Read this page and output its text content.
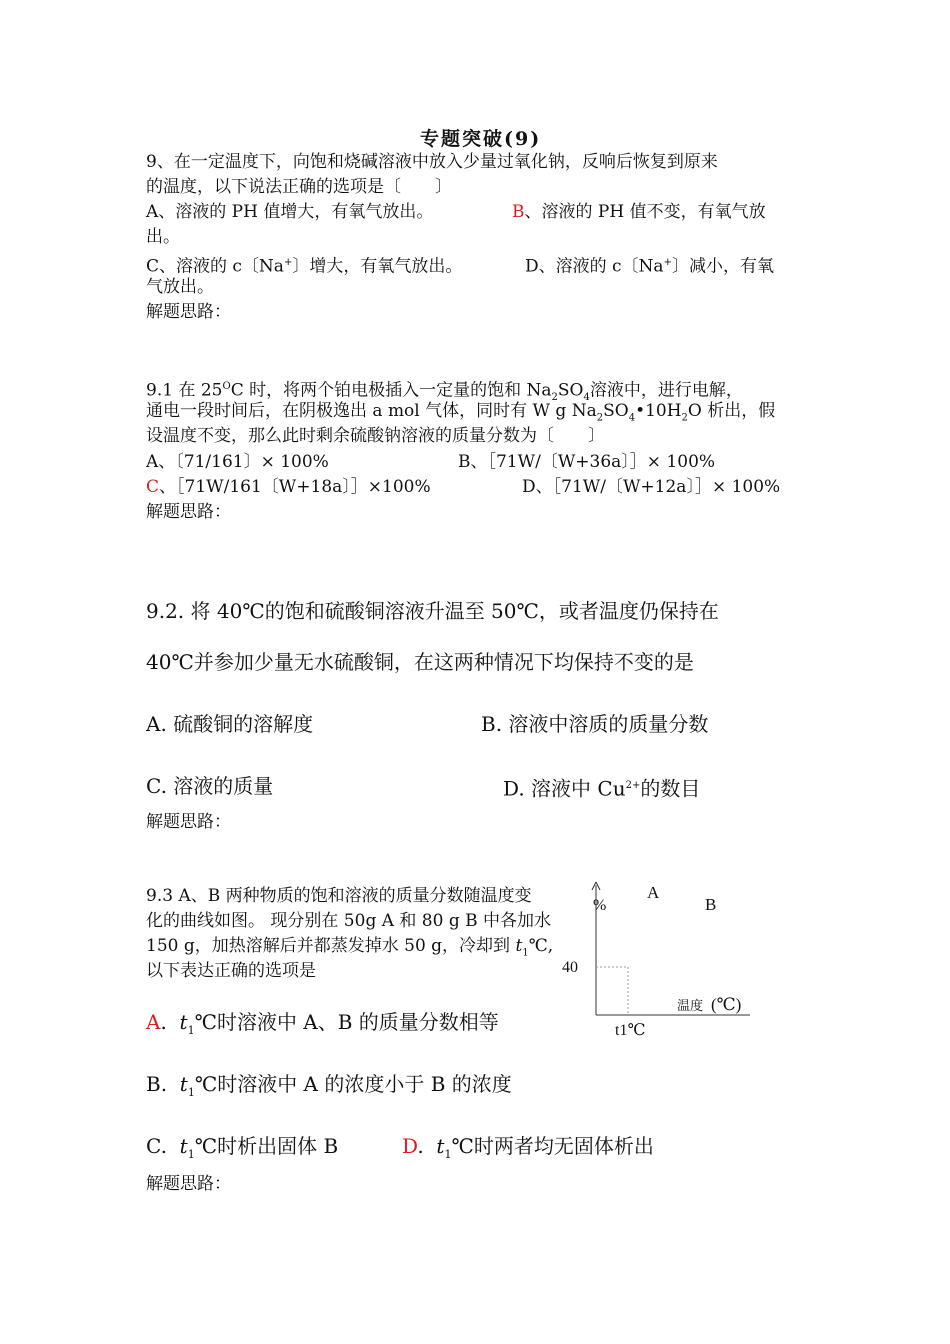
专题突破(9)
9、在一定温度下，向饱和烧碱溶液中放入少量过氧化钠，反响后恢复到原来
的温度，以下说法正确的选项是〔　　〕
A、溶液的 PH 值增大，有氧气放出。	B、溶液的 PH 值不变，有氧气放
出。
C、溶液的 c〔Na+〕增大，有氧气放出。	D、溶液的 c〔Na+〕减小，有氧
气放出。
解题思路：
9.1 在 $25^OC$ 时，将两个铂电极插入一定量的饱和 $Na_2SO_4$溶液中，进行电解，
通电一段时间后，在阴极逸出 a mol 气体，同时有 W g $Na_2SO_4•10H_2O$ 析出，假
设温度不变，那么此时剩余硫酸钠溶液的质量分数为〔　　〕
A、〔71/161〕× 100%	B、［71W/〔W+36a〕］× 100%
C、［71W/161〔W+18a〕］×100%	D、［71W/〔W+12a〕］× 100%
解题思路：
9.2. 将 40℃的饱和硫酸铜溶液升温至 50℃，或者温度仍保持在
40℃并参加少量无水硫酸铜，在这两种情况下均保持不变的是
A. 硫酸铜的溶解度	B. 溶液中溶质的质量分数
C. 溶液的质量	D. 溶液中 $Cu^{2+}$的数目
解题思路：
9.3 A、B 两种物质的饱和溶液的质量分数随温度变
化的曲线如图。 现分别在 50g A 和 80 g B 中各加水
150 g，加热溶解后并都蒸发掉水 50 g，冷却到 $t_1℃$,
以下表达正确的选项是
%
A
B
40
温度 (℃)
t1℃
A.  $t_1℃$时溶液中 A、B 的质量分数相等
B.  $t_1℃$时溶液中 A 的浓度小于 B 的浓度
C.  $t_1℃$时析出固体 B	D.  $t_1℃$时两者均无固体析出
解题思路：
